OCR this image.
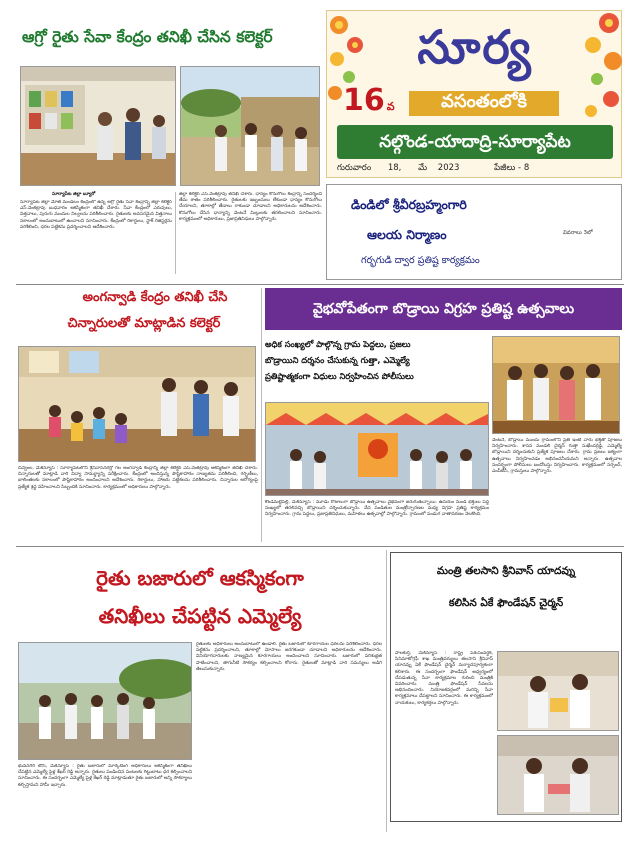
ఆగ్రో రైతు సేవా కేంద్రం తనిఖీ చేసిన కలెక్టర్
సూర్యాపేట జిల్లా బ్యూరో
సూర్యాపేట జిల్లా మోతె మండలం కేంద్రంలో ఉన్న ఆగ్రో రైతు సేవా కేంద్రాన్ని జిల్లా కలెక్టర్ ఎస్.వెంకట్రావు బుధవారం ఆకస్మికంగా తనిఖీ చేశారు. సేవా కేంద్రంలో ఎరువులు, విత్తనాలు, పురుగు మందుల నిల్వలను పరిశీలించారు. రైతులకు అవసరమైన విత్తనాలు సకాలంలో అందుబాటులో ఉంచాలని సూచించారు. కేంద్రంలో రికార్డులు, స్టాక్ రిజిస్టర్లను పరిశీలించి, ధరల పట్టికను ప్రదర్శించాలని ఆదేశించారు.
జిల్లా కలెక్టర్ ఎస్.వెంకట్రావు తనిఖీ చేశారు. ధాన్యం కొనుగోలు కేంద్రాన్ని సందర్శించి తేమ శాతం పరిశీలించారు. రైతులకు ఇబ్బందులు లేకుండా ధాన్యం కొనుగోలు చేయాలని, తూకాల్లో తేడాలు రాకుండా చూడాలని అధికారులను ఆదేశించారు. కొనుగోలు చేసిన ధాన్యాన్ని వెంటనే మిల్లులకు తరలించాలని సూచించారు. కార్యక్రమంలో అధికారులు, ప్రజాప్రతినిధులు పాల్గొన్నారు.
సూర్య
16 వ	వసంతంలోకి
నల్గొండ-యాదాద్రి-సూర్యాపేట
గురువారం 18, మే 2023	పేజీలు - 8
డిండిలో శ్రీవీరబ్రహ్మంగారి
ఆలయ నిర్మాణం
గర్భగుడి ద్వార ప్రతిష్ట కార్యక్రమం
వివరాలు 3లో
అంగన్వాడి కేంద్రం తనిఖీ చేసి
చిన్నారులతో మాట్లాడిన కలెక్టర్
చివ్వెంల, మేకిన్యూస్ : సూర్యాపేటలోని శ్రీనివాసనగర్లో గల అంగన్వాడి కేంద్రాన్ని జిల్లా కలెక్టర్ ఎస్.వెంకట్రావు ఆకస్మికంగా తనిఖీ చేశారు. చిన్నారులతో మాట్లాడి వారి విద్యా సామర్థ్యాన్ని పరీక్షించారు. కేంద్రంలో అందిస్తున్న పౌష్టికాహారం నాణ్యతను పరిశీలించి, గర్భిణీలు, బాలింతలకు సకాలంలో పౌష్టికాహారం అందించాలని ఆదేశించారు. రికార్డులు, హాజరు పట్టికలను పరిశీలించారు. చిన్నారుల ఆరోగ్యంపై ప్రత్యేక శ్రద్ధ వహించాలని సిబ్బందికి సూచించారు. కార్యక్రమంలో అధికారులు పాల్గొన్నారు.
వైభవోపేతంగా బొడ్రాయి విగ్రహ ప్రతిష్ట ఉత్సవాలు
అధిక సంఖ్యలో పాల్గొన్న గ్రామ పెద్దలు, ప్రజలు
బొడ్రాయిని దర్శనం చేసుకున్న గుత్తా, ఎమ్మెల్యే
ప్రతిష్టాత్మకంగా విధులు నిర్వహించిన పోలీసులు
కొండమల్లెపల్లి, మేకిన్యూస్ : మూడు రోజులుగా బొడ్రాయి ఉత్సవాలు వైభవంగా జరుగుతున్నాయి. ఉదయం నుండి భక్తులు పెద్ద సంఖ్యలో తరలివచ్చి బొడ్రాయిని దర్శించుకున్నారు. వేద పండితుల మంత్రోచ్ఛారణల మధ్య విగ్రహ ప్రతిష్ట కార్యక్రమం నిర్వహించారు. గ్రామ పెద్దలు, ప్రజాప్రతినిధులు, మహిళలు ఉత్సవాల్లో పాల్గొన్నారు. గ్రామంలో పండుగ వాతావరణం నెలకొంది.
వెంటనే, బొడ్రాయి ముందు గ్రామంలోని ప్రతి ఇంటి వారు భక్తితో పూజలు నిర్వహించారు. శాసన మండలి చైర్మన్ గుత్తా సుఖేందర్రెడ్డి, ఎమ్మెల్యే బొడ్రాయిని దర్శించుకుని ప్రత్యేక పూజలు చేశారు. గ్రామ ప్రజలు ఐక్యంగా ఉత్సవాలు నిర్వహించడం అభినందనీయమని అన్నారు. ఉత్సవాల సందర్భంగా పోలీసులు బందోబస్తు నిర్వహించారు. కార్యక్రమంలో సర్పంచ్, ఎంపీటీసీ, గ్రామస్తులు పాల్గొన్నారు.
రైతు బజారులో ఆకస్మికంగా
తనిఖీలు చేపట్టిన ఎమ్మెల్యే
రైతులకు అధికారులు అందుబాటులో ఉండాలి. రైతు బజారులో కూరగాయల ధరలను పరిశీలించారు. ధరల పట్టికను ప్రదర్శించాలని, తూకాల్లో మోసాలు జరగకుండా చూడాలని అధికారులను ఆదేశించారు. వినియోగదారులకు నాణ్యమైన కూరగాయలు అందించాలని సూచించారు. బజారులో పరిశుభ్రత పాటించాలని, తాగునీటి సౌకర్యం కల్పించాలని కోరారు. రైతులతో మాట్లాడి వారి సమస్యలు అడిగి తెలుసుకున్నారు.
భువనగిరి టౌన్, మేకిన్యూస్ : రైతు బజారులో మార్కెటింగ్ అధికారులు ఆకస్మికంగా తనిఖీలు చేపట్టిన ఎమ్మెల్యే పైళ్ల శేఖర్ రెడ్డి అన్నారు. రైతులు పండించిన పంటలకు గిట్టుబాటు ధర కల్పించాలని సూచించారు. ఈ సందర్భంగా ఎమ్మెల్యే పైళ్ల శేఖర్ రెడ్డి మాట్లాడుతూ రైతు బజారులో అన్ని సౌకర్యాలు కల్పిస్తామని హామీ ఇచ్చారు.
మంత్రి తలసాని శ్రీనివాస్ యాదవ్ను
కలిసిన ఏకే ఫౌండేషన్ చైర్మన్
పాలకుర్తి, మేకిన్యూస్ : రాష్ట్ర పశుసంవర్ధక, సినిమాటోగ్రఫీ శాఖ మంత్రివర్యులు తలసాని శ్రీనివాస్ యాదవ్ను ఏకే ఫౌండేషన్ చైర్మన్ మర్యాదపూర్వకంగా కలిశారు. ఈ సందర్భంగా ఫౌండేషన్ ఆధ్వర్యంలో చేపడుతున్న సేవా కార్యక్రమాల గురించి మంత్రికి వివరించారు. మంత్రి ఫౌండేషన్ సేవలను అభినందించారు. నియోజకవర్గంలో మరిన్ని సేవా కార్యక్రమాలు చేపట్టాలని సూచించారు. ఈ కార్యక్రమంలో నాయకులు, కార్యకర్తలు పాల్గొన్నారు.
